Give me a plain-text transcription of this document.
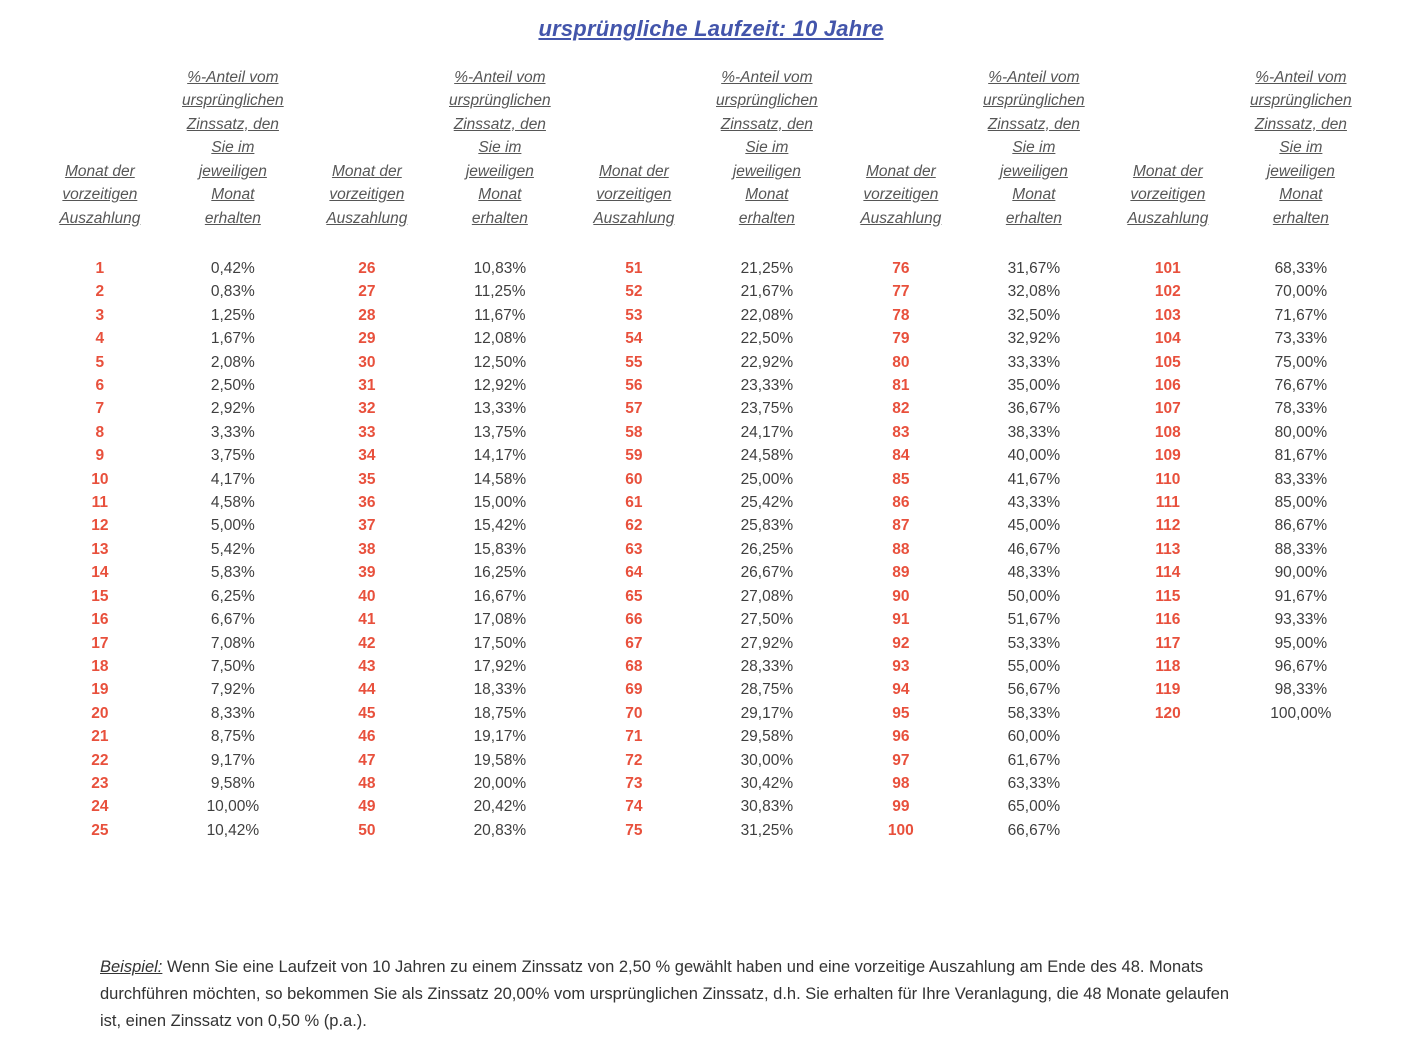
ursprüngliche Laufzeit: 10 Jahre
Monat der
vorzeitigen
Auszahlung
%-Anteil vom
ursprünglichen
Zinssatz, den
Sie im
jeweiligen
Monat
erhalten
1	0,42%
2	0,83%
3	1,25%
4	1,67%
5	2,08%
6	2,50%
7	2,92%
8	3,33%
9	3,75%
10	4,17%
11	4,58%
12	5,00%
13	5,42%
14	5,83%
15	6,25%
16	6,67%
17	7,08%
18	7,50%
19	7,92%
20	8,33%
21	8,75%
22	9,17%
23	9,58%
24	10,00%
25	10,42%
Monat der
vorzeitigen
Auszahlung
%-Anteil vom
ursprünglichen
Zinssatz, den
Sie im
jeweiligen
Monat
erhalten
26	10,83%
27	11,25%
28	11,67%
29	12,08%
30	12,50%
31	12,92%
32	13,33%
33	13,75%
34	14,17%
35	14,58%
36	15,00%
37	15,42%
38	15,83%
39	16,25%
40	16,67%
41	17,08%
42	17,50%
43	17,92%
44	18,33%
45	18,75%
46	19,17%
47	19,58%
48	20,00%
49	20,42%
50	20,83%
Monat der
vorzeitigen
Auszahlung
%-Anteil vom
ursprünglichen
Zinssatz, den
Sie im
jeweiligen
Monat
erhalten
51	21,25%
52	21,67%
53	22,08%
54	22,50%
55	22,92%
56	23,33%
57	23,75%
58	24,17%
59	24,58%
60	25,00%
61	25,42%
62	25,83%
63	26,25%
64	26,67%
65	27,08%
66	27,50%
67	27,92%
68	28,33%
69	28,75%
70	29,17%
71	29,58%
72	30,00%
73	30,42%
74	30,83%
75	31,25%
Monat der
vorzeitigen
Auszahlung
%-Anteil vom
ursprünglichen
Zinssatz, den
Sie im
jeweiligen
Monat
erhalten
76	31,67%
77	32,08%
78	32,50%
79	32,92%
80	33,33%
81	35,00%
82	36,67%
83	38,33%
84	40,00%
85	41,67%
86	43,33%
87	45,00%
88	46,67%
89	48,33%
90	50,00%
91	51,67%
92	53,33%
93	55,00%
94	56,67%
95	58,33%
96	60,00%
97	61,67%
98	63,33%
99	65,00%
100	66,67%
Monat der
vorzeitigen
Auszahlung
%-Anteil vom
ursprünglichen
Zinssatz, den
Sie im
jeweiligen
Monat
erhalten
101	68,33%
102	70,00%
103	71,67%
104	73,33%
105	75,00%
106	76,67%
107	78,33%
108	80,00%
109	81,67%
110	83,33%
111	85,00%
112	86,67%
113	88,33%
114	90,00%
115	91,67%
116	93,33%
117	95,00%
118	96,67%
119	98,33%
120	100,00%
Beispiel: Wenn Sie eine Laufzeit von 10 Jahren zu einem Zinssatz von 2,50 % gewählt haben und eine vorzeitige Auszahlung am Ende des 48. Monats durchführen möchten, so bekommen Sie als Zinssatz 20,00% vom ursprünglichen Zinssatz, d.h. Sie erhalten für Ihre Veranlagung, die 48 Monate gelaufen ist, einen Zinssatz von 0,50 % (p.a.).
